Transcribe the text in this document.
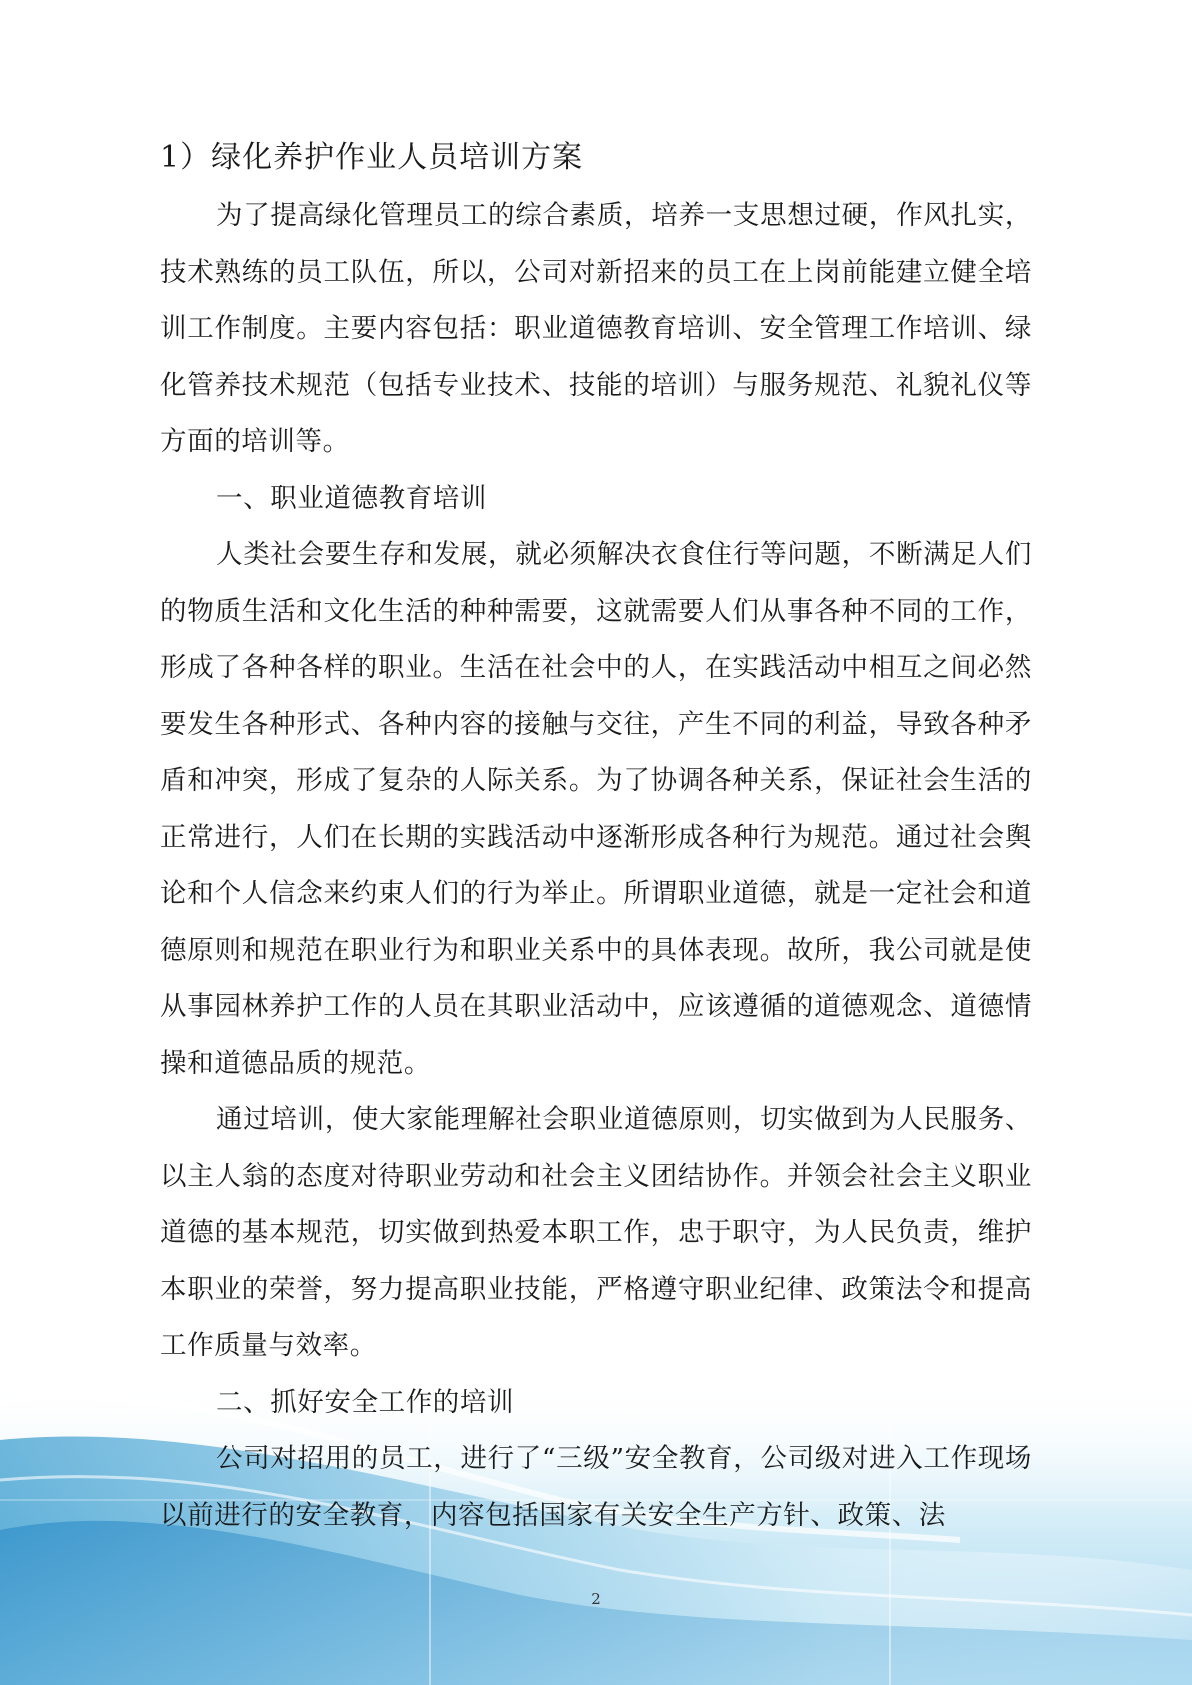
1）绿化养护作业人员培训方案

为了提高绿化管理员工的综合素质，培养一支思想过硬，作风扎实，技术熟练的员工队伍，所以，公司对新招来的员工在上岗前能建立健全培训工作制度。主要内容包括：职业道德教育培训、安全管理工作培训、绿化管养技术规范（包括专业技术、技能的培训）与服务规范、礼貌礼仪等方面的培训等。

一、职业道德教育培训

人类社会要生存和发展，就必须解决衣食住行等问题，不断满足人们的物质生活和文化生活的种种需要，这就需要人们从事各种不同的工作，形成了各种各样的职业。生活在社会中的人，在实践活动中相互之间必然要发生各种形式、各种内容的接触与交往，产生不同的利益，导致各种矛盾和冲突，形成了复杂的人际关系。为了协调各种关系，保证社会生活的正常进行，人们在长期的实践活动中逐渐形成各种行为规范。通过社会舆论和个人信念来约束人们的行为举止。所谓职业道德，就是一定社会和道德原则和规范在职业行为和职业关系中的具体表现。故所，我公司就是使从事园林养护工作的人员在其职业活动中，应该遵循的道德观念、道德情操和道德品质的规范。

通过培训，使大家能理解社会职业道德原则，切实做到为人民服务、以主人翁的态度对待职业劳动和社会主义团结协作。并领会社会主义职业道德的基本规范，切实做到热爱本职工作，忠于职守，为人民负责，维护本职业的荣誉，努力提高职业技能，严格遵守职业纪律、政策法令和提高工作质量与效率。

二、抓好安全工作的培训

公司对招用的员工，进行了“三级”安全教育，公司级对进入工作现场以前进行的安全教育，内容包括国家有关安全生产方针、政策、法

2
